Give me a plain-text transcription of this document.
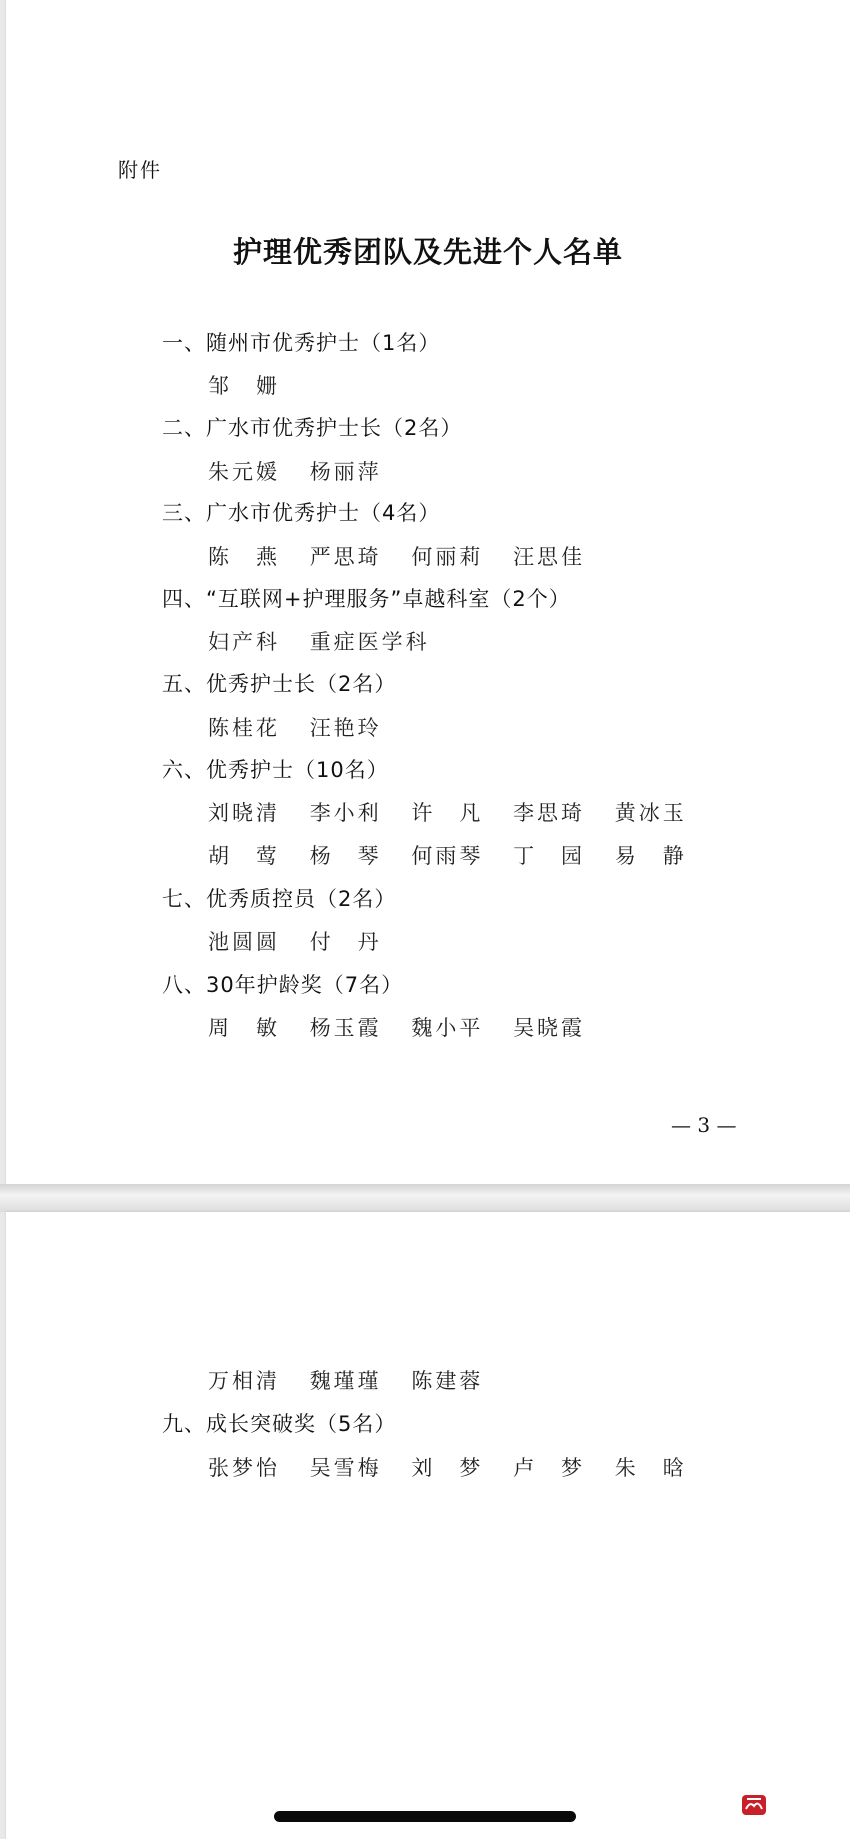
附件
护理优秀团队及先进个人名单
一、随州市优秀护士（1名）
邹　姗
二、广水市优秀护士长（2名）
朱元媛 杨丽萍
三、广水市优秀护士（4名）
陈　燕 严思琦 何丽莉 汪思佳
四、“互联网+护理服务”卓越科室（2个）
妇产科 重症医学科
五、优秀护士长（2名）
陈桂花 汪艳玲
六、优秀护士（10名）
刘晓清 李小利 许　凡 李思琦 黄冰玉
胡　莺 杨　琴 何雨琴 丁　园 易　静
七、优秀质控员（2名）
池圆圆 付　丹
八、30年护龄奖（7名）
周　敏 杨玉霞 魏小平 吴晓霞
— 3 —
万相清 魏瑾瑾 陈建蓉
九、成长突破奖（5名）
张梦怡 吴雪梅 刘　梦 卢　梦 朱　晗
